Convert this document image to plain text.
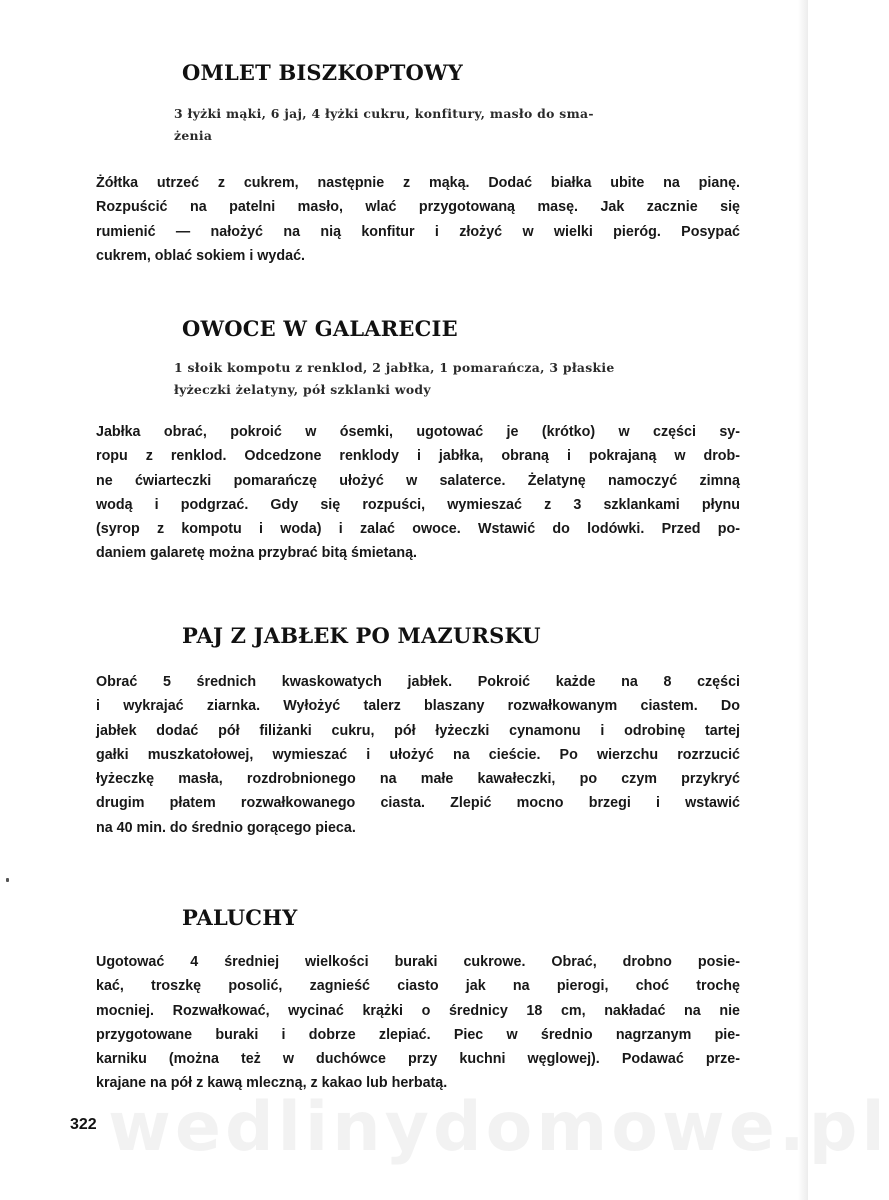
wedlinydomowe.pl

OMLET BISZKOPTOWY
3 łyżki mąki, 6 jaj, 4 łyżki cukru, konfitury, masło do sma-
żenia
Żółtka utrzeć z cukrem, następnie z mąką. Dodać białka ubite na pianę.
Rozpuścić na patelni masło, wlać przygotowaną masę. Jak zacznie się
rumienić — nałożyć na nią konfitur i złożyć w wielki pieróg. Posypać
cukrem, oblać sokiem i wydać.
OWOCE W GALARECIE
1 słoik kompotu z renklod, 2 jabłka, 1 pomarańcza, 3 płaskie
łyżeczki żelatyny, pół szklanki wody
Jabłka obrać, pokroić w ósemki, ugotować je (krótko) w części sy-
ropu z renklod. Odcedzone renklody i jabłka, obraną i pokrajaną w drob-
ne ćwiarteczki pomarańczę ułożyć w salaterce. Żelatynę namoczyć zimną
wodą i podgrzać. Gdy się rozpuści, wymieszać z 3 szklankami płynu
(syrop z kompotu i woda) i zalać owoce. Wstawić do lodówki. Przed po-
daniem galaretę można przybrać bitą śmietaną.
PAJ Z JABŁEK PO MAZURSKU
Obrać 5 średnich kwaskowatych jabłek. Pokroić każde na 8 części
i wykrajać ziarnka. Wyłożyć talerz blaszany rozwałkowanym ciastem. Do
jabłek dodać pół filiżanki cukru, pół łyżeczki cynamonu i odrobinę tartej
gałki muszkatołowej, wymieszać i ułożyć na cieście. Po wierzchu rozrzucić
łyżeczkę masła, rozdrobnionego na małe kawałeczki, po czym przykryć
drugim płatem rozwałkowanego ciasta. Zlepić mocno brzegi i wstawić
na 40 min. do średnio gorącego pieca.
PALUCHY
Ugotować 4 średniej wielkości buraki cukrowe. Obrać, drobno posie-
kać, troszkę posolić, zagnieść ciasto jak na pierogi, choć trochę
mocniej. Rozwałkować, wycinać krążki o średnicy 18 cm, nakładać na nie
przygotowane buraki i dobrze zlepiać. Piec w średnio nagrzanym pie-
karniku (można też w duchówce przy kuchni węglowej). Podawać prze-
krajane na pół z kawą mleczną, z kakao lub herbatą.

322
